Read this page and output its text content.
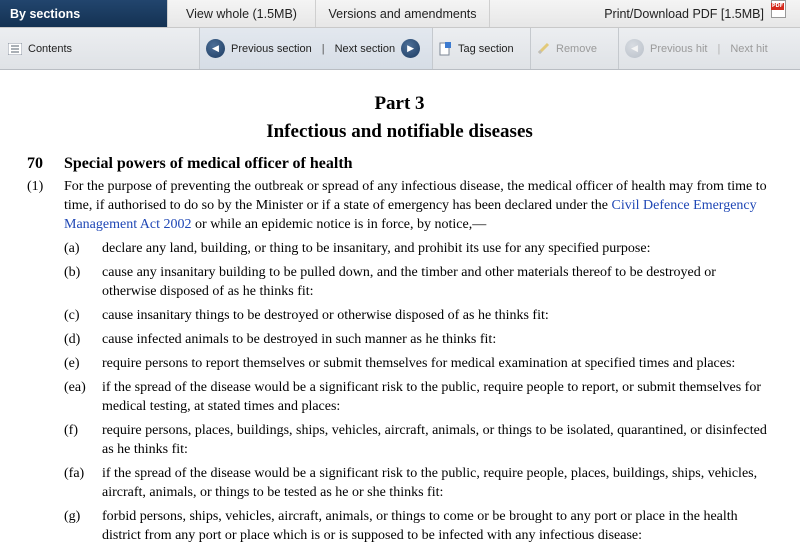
By sections	View whole (1.5MB)	Versions and amendments	Print/Download PDF [1.5MB]
PDF
Contents	◀	Previous section | Next section	▶	Tag section	Remove	◀	Previous hit | Next hit
Part 3
Infectious and notifiable diseases
70	Special powers of medical officer of health
(1)	For the purpose of preventing the outbreak or spread of any infectious disease, the medical officer of health may from time to time, if authorised to do so by the Minister or if a state of emergency has been declared under the Civil Defence Emergency Management Act 2002 or while an epidemic notice is in force, by notice,—
(a)	declare any land, building, or thing to be insanitary, and prohibit its use for any specified purpose:
(b)	cause any insanitary building to be pulled down, and the timber and other materials thereof to be destroyed or otherwise disposed of as he thinks fit:
(c)	cause insanitary things to be destroyed or otherwise disposed of as he thinks fit:
(d)	cause infected animals to be destroyed in such manner as he thinks fit:
(e)	require persons to report themselves or submit themselves for medical examination at specified times and places:
(ea)	if the spread of the disease would be a significant risk to the public, require people to report, or submit themselves for medical testing, at stated times and places:
(f)	require persons, places, buildings, ships, vehicles, aircraft, animals, or things to be isolated, quarantined, or disinfected as he thinks fit:
(fa)	if the spread of the disease would be a significant risk to the public, require people, places, buildings, ships, vehicles, aircraft, animals, or things to be tested as he or she thinks fit:
(g)	forbid persons, ships, vehicles, aircraft, animals, or things to come or be brought to any port or place in the health district from any port or place which is or is supposed to be infected with any infectious disease:
